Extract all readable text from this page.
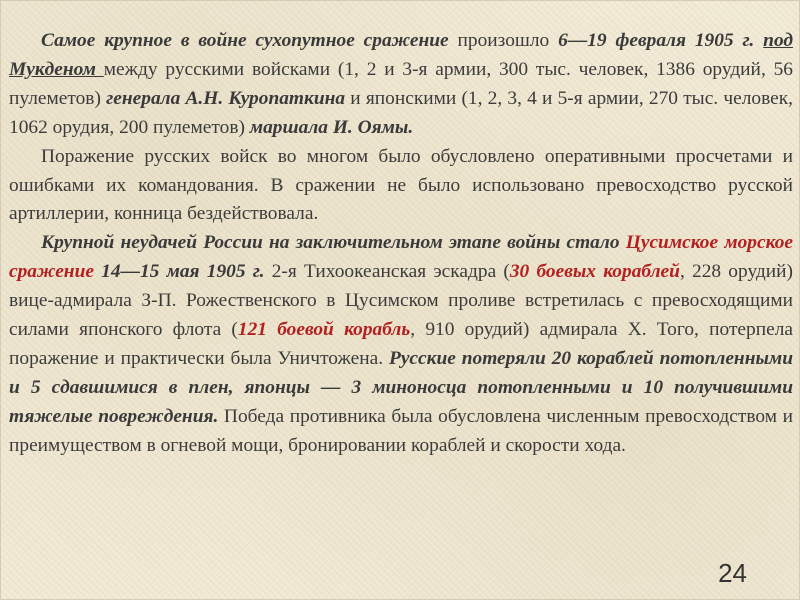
Самое крупное в войне сухопутное сражение произошло 6—19 февраля 1905 г. под Мукденом между русскими войсками (1, 2 и 3-я армии, 300 тыс. человек, 1386 орудий, 56 пулеметов) генерала А.Н. Куропаткина и японскими (1, 2, 3, 4 и 5-я армии, 270 тыс. человек, 1062 орудия, 200 пулеметов) маршала И. Оямы.

Поражение русских войск во многом было обусловлено оперативными просчетами и ошибками их командования. В сражении не было использовано превосходство русской артиллерии, конница бездействовала.

Крупной неудачей России на заключительном этапе войны стало Цусимское морское сражение 14—15 мая 1905 г. 2-я Тихоокеанская эскадра (30 боевых кораблей, 228 орудий) вице-адмирала З-П. Рожественского в Цусимском проливе встретилась с превосходящими силами японского флота (121 боевой корабль, 910 орудий) адмирала Х. Того, потерпела поражение и практически была Уничтожена. Русские потеряли 20 кораблей потопленными и 5 сдавшимися в плен, японцы — 3 миноносца потопленными и 10 получившими тяжелые повреждения. Победа противника была обусловлена численным превосходством и преимуществом в огневой мощи, бронировании кораблей и скорости хода.

24
